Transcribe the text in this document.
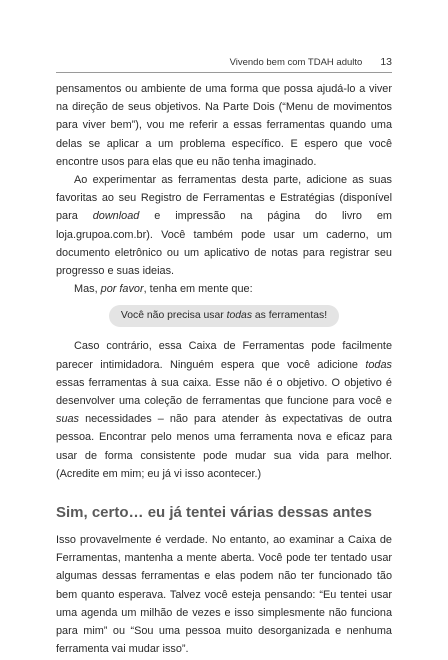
Vivendo bem com TDAH adulto 13

pensamentos ou ambiente de uma forma que possa ajudá-lo a viver na direção de seus objetivos. Na Parte Dois (“Menu de movimentos para viver bem”), vou me referir a essas ferramentas quando uma delas se aplicar a um problema específico. E espero que você encontre usos para elas que eu não tenha imaginado.

Ao experimentar as ferramentas desta parte, adicione as suas favoritas ao seu Registro de Ferramentas e Estratégias (disponível para download e impressão na página do livro em loja.grupoa.com.br). Você também pode usar um caderno, um documento eletrônico ou um aplicativo de notas para registrar seu progresso e suas ideias.

Mas, por favor, tenha em mente que:

Você não precisa usar todas as ferramentas!

Caso contrário, essa Caixa de Ferramentas pode facilmente parecer intimidadora. Ninguém espera que você adicione todas essas ferramentas à sua caixa. Esse não é o objetivo. O objetivo é desenvolver uma coleção de ferramentas que funcione para você e suas necessidades – não para atender às expectativas de outra pessoa. Encontrar pelo menos uma ferramenta nova e eficaz para usar de forma consistente pode mudar sua vida para melhor. (Acredite em mim; eu já vi isso acontecer.)

Sim, certo… eu já tentei várias dessas antes

Isso provavelmente é verdade. No entanto, ao examinar a Caixa de Ferramentas, mantenha a mente aberta. Você pode ter tentado usar algumas dessas ferramentas e elas podem não ter funcionado tão bem quanto esperava. Talvez você esteja pensando: “Eu tentei usar uma agenda um milhão de vezes e isso simplesmente não funciona para mim” ou “Sou uma pessoa muito desorganizada e nenhuma ferramenta vai mudar isso”.
